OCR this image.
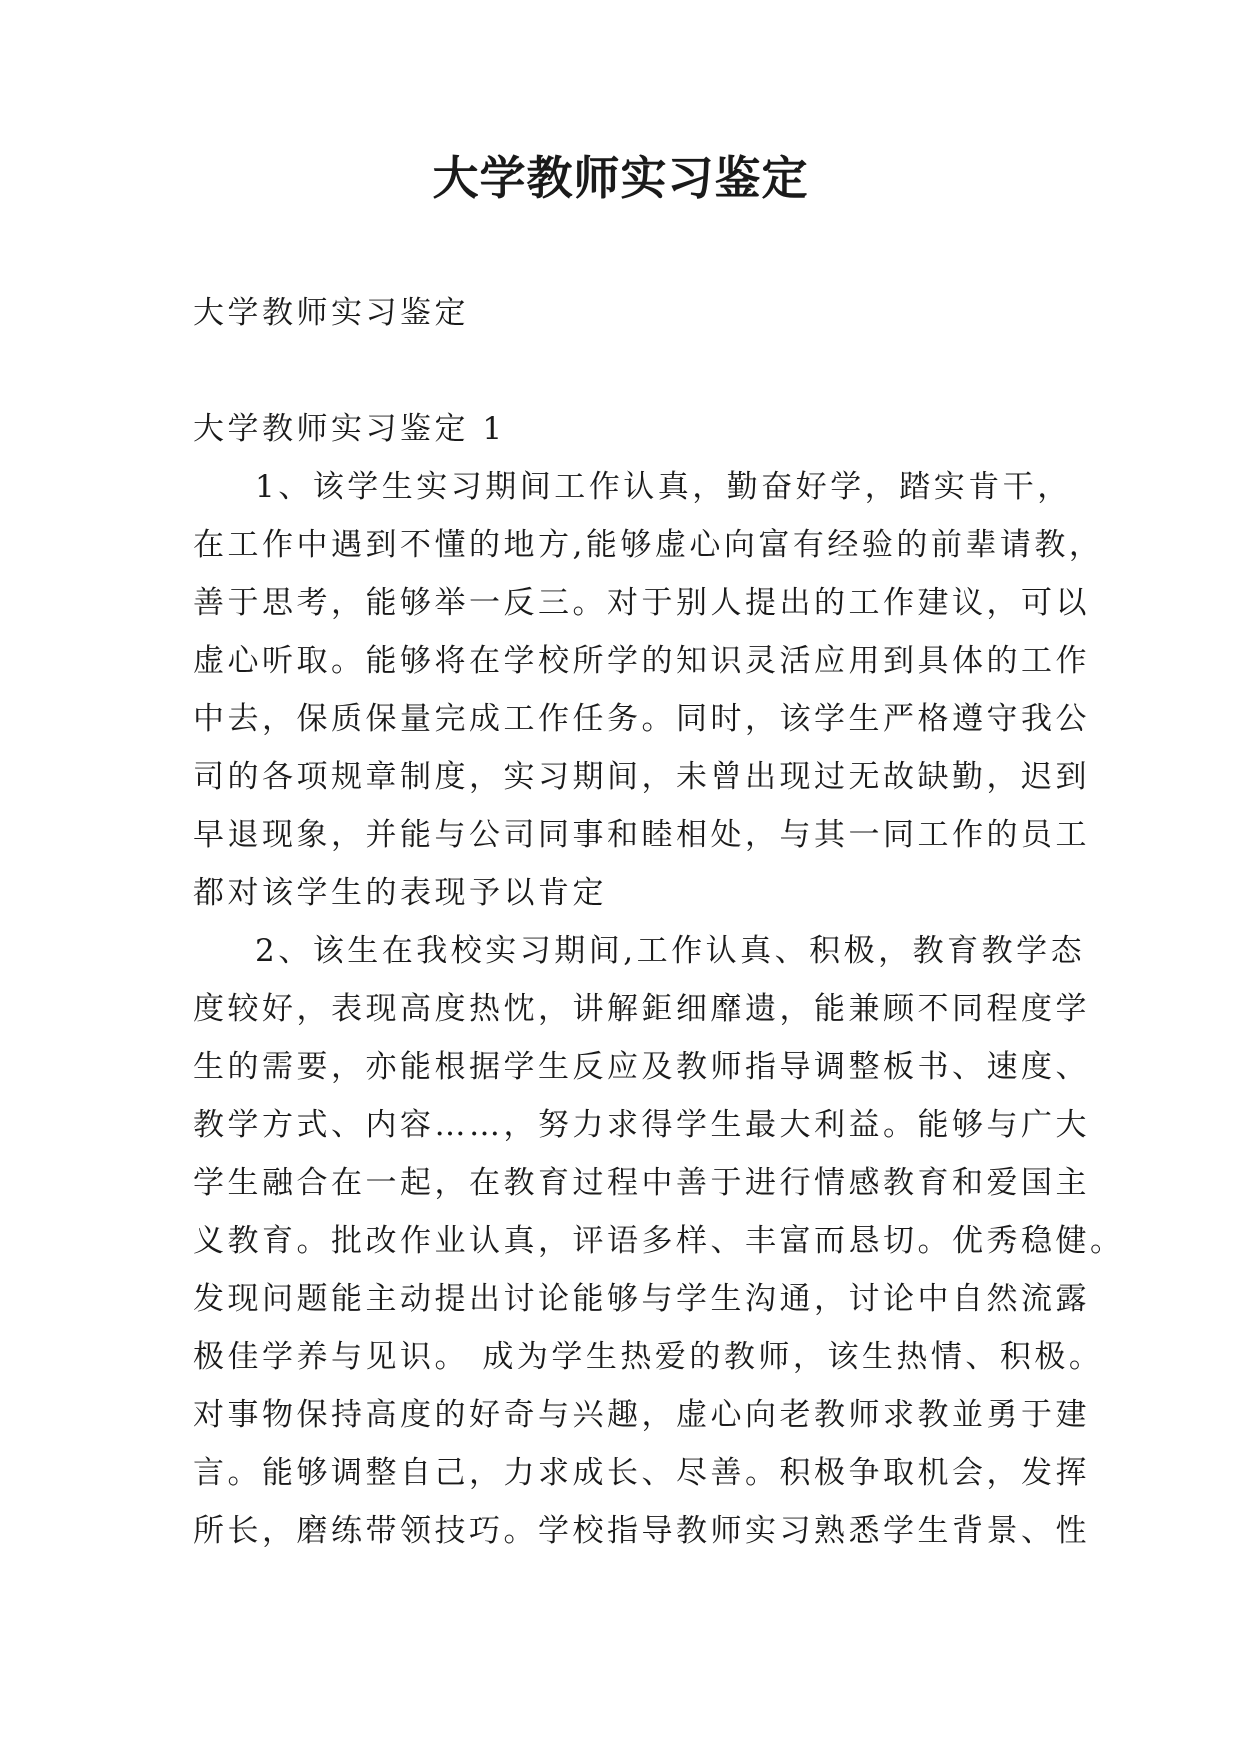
大学教师实习鉴定

大学教师实习鉴定

大学教师实习鉴定 1

1、该学生实习期间工作认真，勤奋好学，踏实肯干，
在工作中遇到不懂的地方,能够虚心向富有经验的前辈请教，
善于思考，能够举一反三。对于别人提出的工作建议，可以
虚心听取。能够将在学校所学的知识灵活应用到具体的工作
中去，保质保量完成工作任务。同时，该学生严格遵守我公
司的各项规章制度，实习期间，未曾出现过无故缺勤，迟到
早退现象，并能与公司同事和睦相处，与其一同工作的员工
都对该学生的表现予以肯定
2、该生在我校实习期间,工作认真、积极，教育教学态
度较好，表现高度热忱，讲解鉅细靡遗，能兼顾不同程度学
生的需要，亦能根据学生反应及教师指导调整板书、速度、
教学方式、内容……，努力求得学生最大利益。能够与广大
学生融合在一起，在教育过程中善于进行情感教育和爱国主
义教育。批改作业认真，评语多样、丰富而恳切。优秀稳健。
发现问题能主动提出讨论能够与学生沟通，讨论中自然流露
极佳学养与见识。 成为学生热爱的教师，该生热情、积极。
对事物保持高度的好奇与兴趣，虚心向老教师求教並勇于建
言。能够调整自己，力求成长、尽善。积极争取机会，发挥
所长，磨练带领技巧。学校指导教师实习熟悉学生背景、性
